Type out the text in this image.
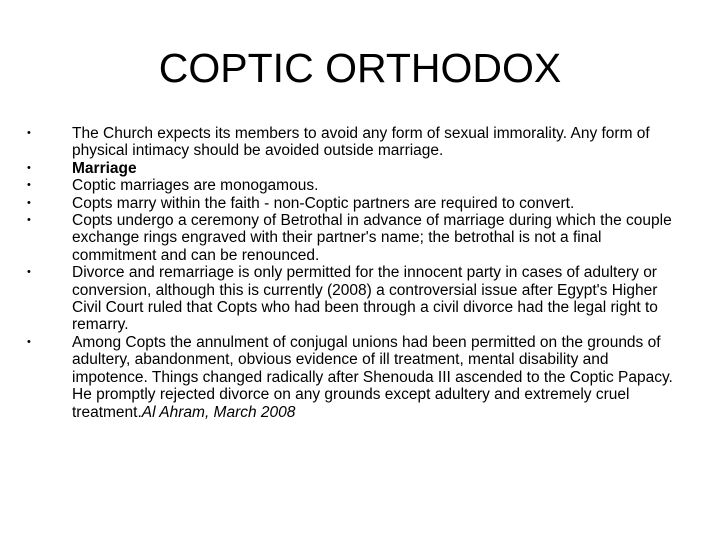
COPTIC ORTHODOX
•	The Church expects its members to avoid any form of sexual immorality. Any form of physical intimacy should be avoided outside marriage.
•	Marriage
•	Coptic marriages are monogamous.
•	Copts marry within the faith - non-Coptic partners are required to convert.
•	Copts undergo a ceremony of Betrothal in advance of marriage during which the couple exchange rings engraved with their partner's name; the betrothal is not a final commitment and can be renounced.
•	Divorce and remarriage is only permitted for the innocent party in cases of adultery or conversion, although this is currently (2008) a controversial issue after Egypt's Higher Civil Court ruled that Copts who had been through a civil divorce had the legal right to remarry.
•	Among Copts the annulment of conjugal unions had been permitted on the grounds of adultery, abandonment, obvious evidence of ill treatment, mental disability and impotence. Things changed radically after Shenouda III ascended to the Coptic Papacy. He promptly rejected divorce on any grounds except adultery and extremely cruel treatment.Al Ahram, March 2008
